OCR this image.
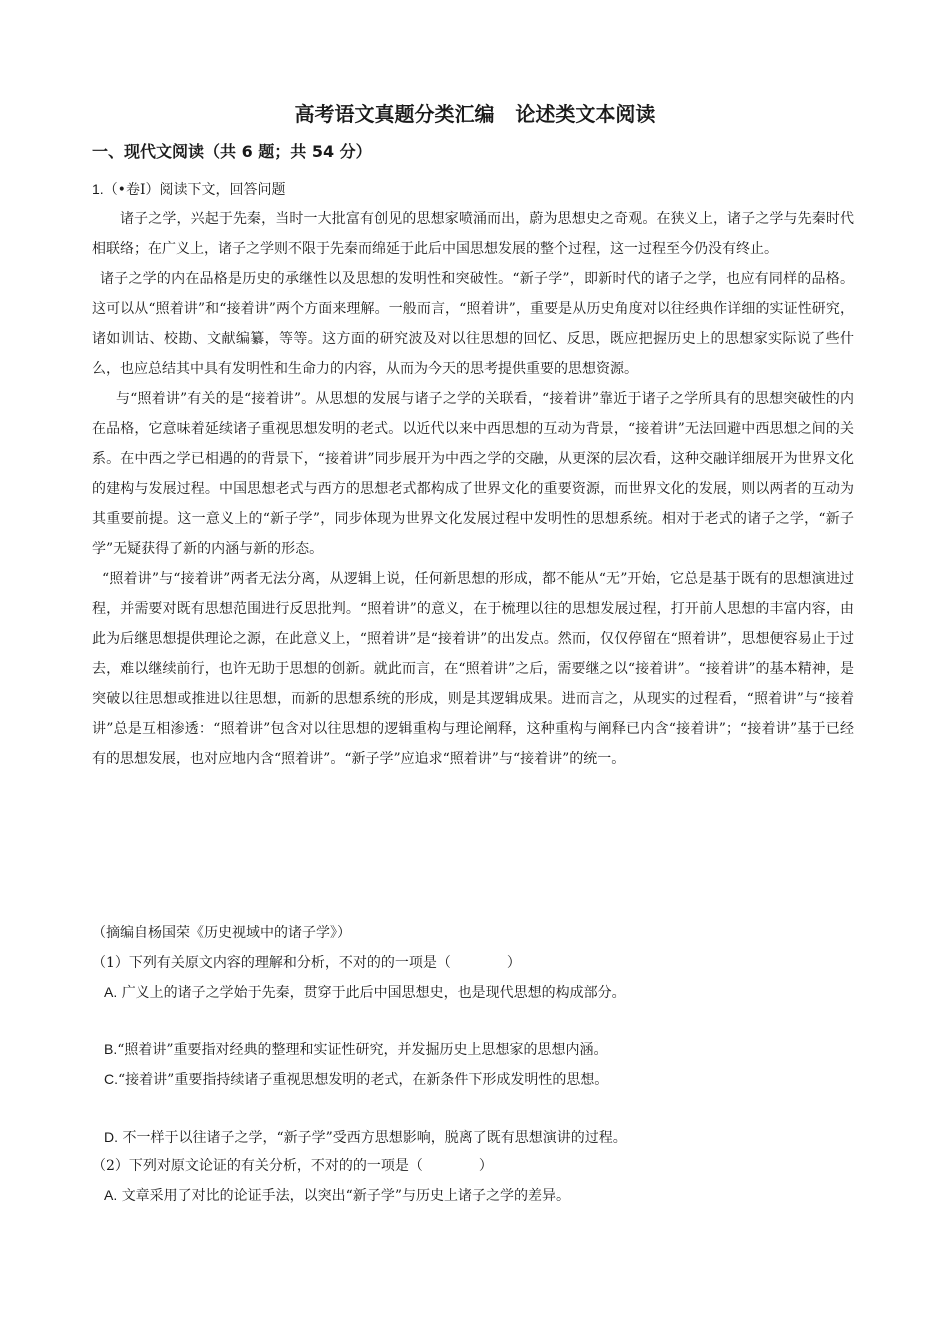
高考语文真题分类汇编   论述类文本阅读
一、现代文阅读（共 6 题；共 54 分）
1.（•卷Ⅰ）阅读下文，回答问题

诸子之学，兴起于先秦，当时一大批富有创见的思想家喷涌而出，蔚为思想史之奇观。在狭义上，诸子之学与先秦时代相联络；在广义上，诸子之学则不限于先秦而绵延于此后中国思想发展的整个过程，这一过程至今仍没有终止。

诸子之学的内在品格是历史的承继性以及思想的发明性和突破性。“新子学”，即新时代的诸子之学，也应有同样的品格。这可以从“照着讲”和“接着讲”两个方面来理解。一般而言，“照着讲”，重要是从历史角度对以往经典作详细的实证性研究，诸如训诂、校勘、文献编纂，等等。这方面的研究波及对以往思想的回忆、反思，既应把握历史上的思想家实际说了些什么，也应总结其中具有发明性和生命力的内容，从而为今天的思考提供重要的思想资源。

与“照着讲”有关的是“接着讲”。从思想的发展与诸子之学的关联看，“接着讲”靠近于诸子之学所具有的思想突破性的内在品格，它意味着延续诸子重视思想发明的老式。以近代以来中西思想的互动为背景，“接着讲”无法回避中西思想之间的关系。在中西之学已相遇的的背景下，“接着讲”同步展开为中西之学的交融，从更深的层次看，这种交融详细展开为世界文化的建构与发展过程。中国思想老式与西方的思想老式都构成了世界文化的重要资源，而世界文化的发展，则以两者的互动为其重要前提。这一意义上的“新子学”，同步体现为世界文化发展过程中发明性的思想系统。相对于老式的诸子之学，“新子学”无疑获得了新的内涵与新的形态。

“照着讲”与“接着讲”两者无法分离，从逻辑上说，任何新思想的形成，都不能从“无”开始，它总是基于既有的思想演进过程，并需要对既有思想范围进行反思批判。“照着讲”的意义，在于梳理以往的思想发展过程，打开前人思想的丰富内容，由此为后继思想提供理论之源，在此意义上，“照着讲”是“接着讲”的出发点。然而，仅仅停留在“照着讲”，思想便容易止于过去，难以继续前行，也许无助于思想的创新。就此而言，在“照着讲”之后，需要继之以“接着讲”。“接着讲”的基本精神，是突破以往思想或推进以往思想，而新的思想系统的形成，则是其逻辑成果。进而言之，从现实的过程看，“照着讲”与“接着讲”总是互相渗透：“照着讲”包含对以往思想的逻辑重构与理论阐释，这种重构与阐释已内含“接着讲”；“接着讲”基于已经有的思想发展，也对应地内含“照着讲”。“新子学”应追求“照着讲”与“接着讲”的统一。

（摘编自杨国荣《历史视域中的诸子学》）
（1）下列有关原文内容的理解和分析，不对的的一项是（　　　　）
A. 广义上的诸子之学始于先秦，贯穿于此后中国思想史，也是现代思想的构成部分。
B.“照着讲”重要指对经典的整理和实证性研究，并发掘历史上思想家的思想内涵。
C.“接着讲”重要指持续诸子重视思想发明的老式，在新条件下形成发明性的思想。
D. 不一样于以往诸子之学，“新子学”受西方思想影响，脱离了既有思想演讲的过程。
（2）下列对原文论证的有关分析，不对的的一项是（　　　　）
A. 文章采用了对比的论证手法，以突出“新子学”与历史上诸子之学的差异。
